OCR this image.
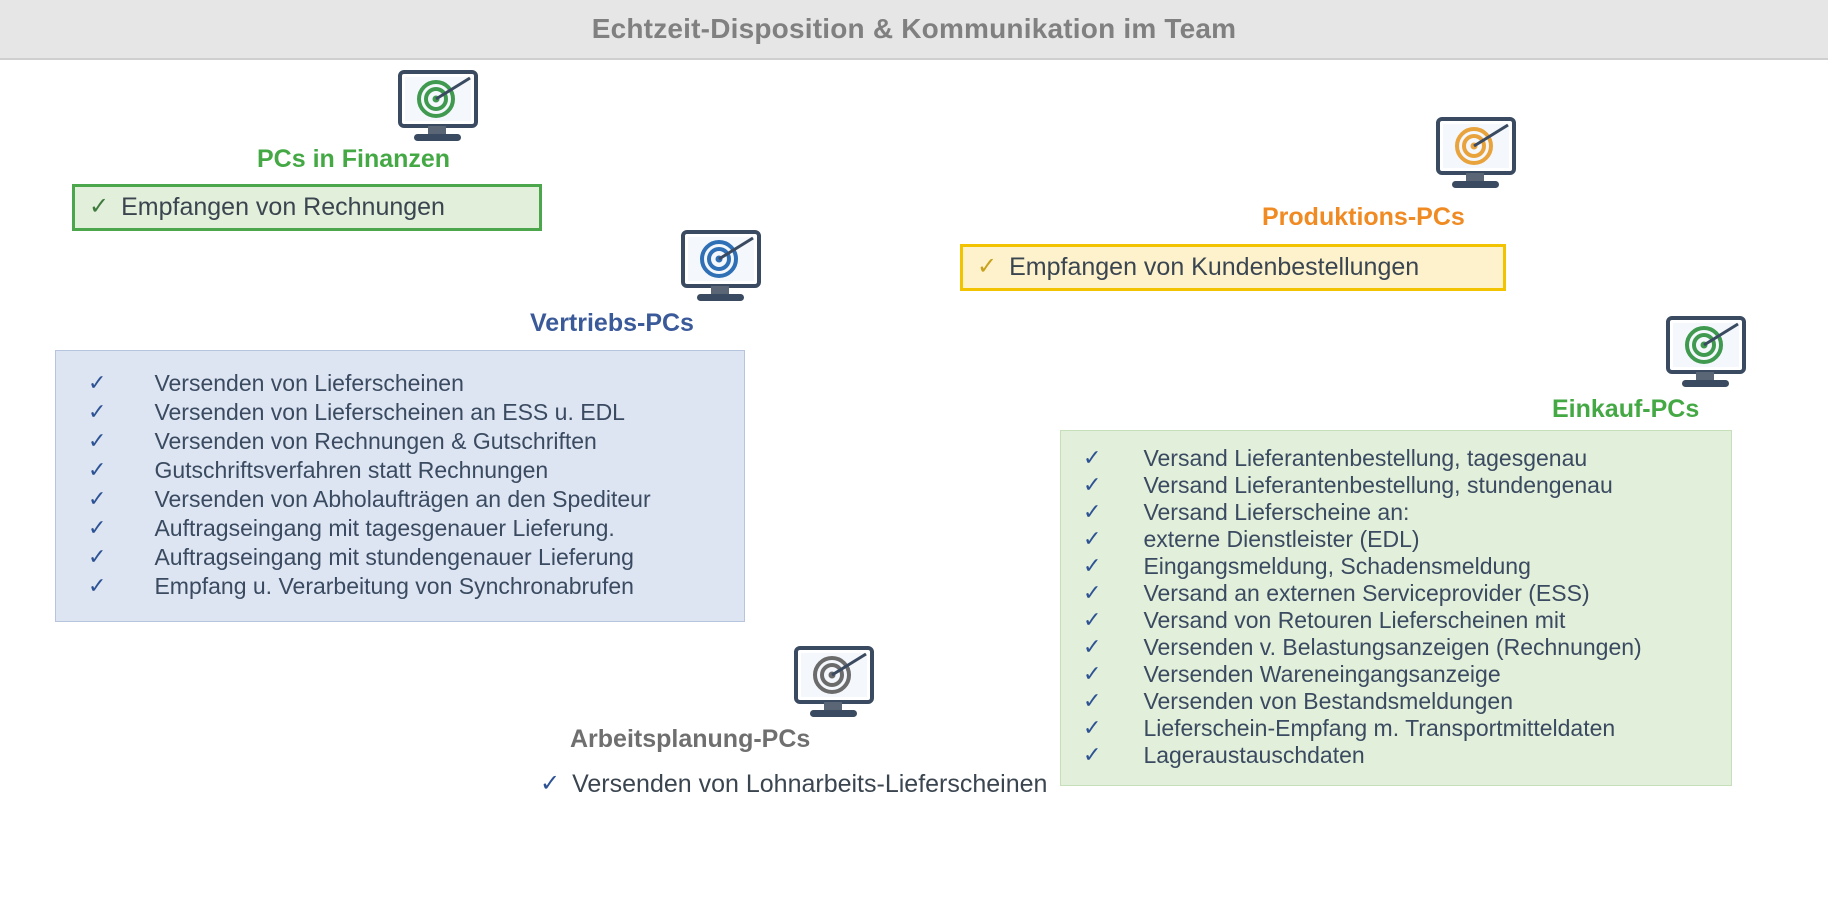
Echtzeit-Disposition & Kommunikation im Team
PCs in Finanzen
✓ Empfangen von Rechnungen
Vertriebs-PCs
✓ Versenden von Lieferscheinen
✓ Versenden von Lieferscheinen an ESS u. EDL
✓ Versenden von Rechnungen & Gutschriften
✓ Gutschriftsverfahren statt Rechnungen
✓ Versenden von Abholaufträgen an den Spediteur
✓ Auftragseingang mit tagesgenauer Lieferung.
✓ Auftragseingang mit stundengenauer Lieferung
✓ Empfang u. Verarbeitung von Synchronabrufen
Arbeitsplanung-PCs
✓ Versenden von Lohnarbeits-Lieferscheinen
Produktions-PCs
✓ Empfangen von Kundenbestellungen
Einkauf-PCs
✓ Versand Lieferantenbestellung, tagesgenau
✓ Versand Lieferantenbestellung, stundengenau
✓ Versand Lieferscheine an:
✓ externe Dienstleister (EDL)
✓ Eingangsmeldung, Schadensmeldung
✓ Versand an externen Serviceprovider (ESS)
✓ Versand von Retouren Lieferscheinen mit
✓ Versenden v. Belastungsanzeigen (Rechnungen)
✓ Versenden Wareneingangsanzeige
✓ Versenden von Bestandsmeldungen
✓ Lieferschein-Empfang m. Transportmitteldaten
✓ Lageraustauschdaten
